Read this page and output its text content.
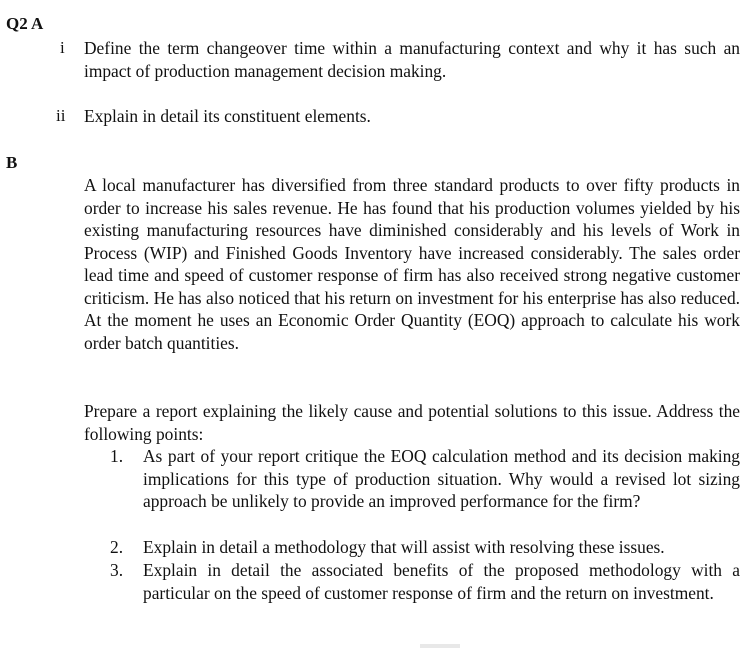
Q2 A
i Define the term changeover time within a manufacturing context and why it has such an impact of production management decision making.
ii Explain in detail its constituent elements.
B
A local manufacturer has diversified from three standard products to over fifty products in order to increase his sales revenue. He has found that his production volumes yielded by his existing manufacturing resources have diminished considerably and his levels of Work in Process (WIP) and Finished Goods Inventory have increased considerably. The sales order lead time and speed of customer response of firm has also received strong negative customer criticism. He has also noticed that his return on investment for his enterprise has also reduced. At the moment he uses an Economic Order Quantity (EOQ) approach to calculate his work order batch quantities.
Prepare a report explaining the likely cause and potential solutions to this issue. Address the following points:
1. As part of your report critique the EOQ calculation method and its decision making implications for this type of production situation. Why would a revised lot sizing approach be unlikely to provide an improved performance for the firm?
2. Explain in detail a methodology that will assist with resolving these issues.
3. Explain in detail the associated benefits of the proposed methodology with a particular on the speed of customer response of firm and the return on investment.
